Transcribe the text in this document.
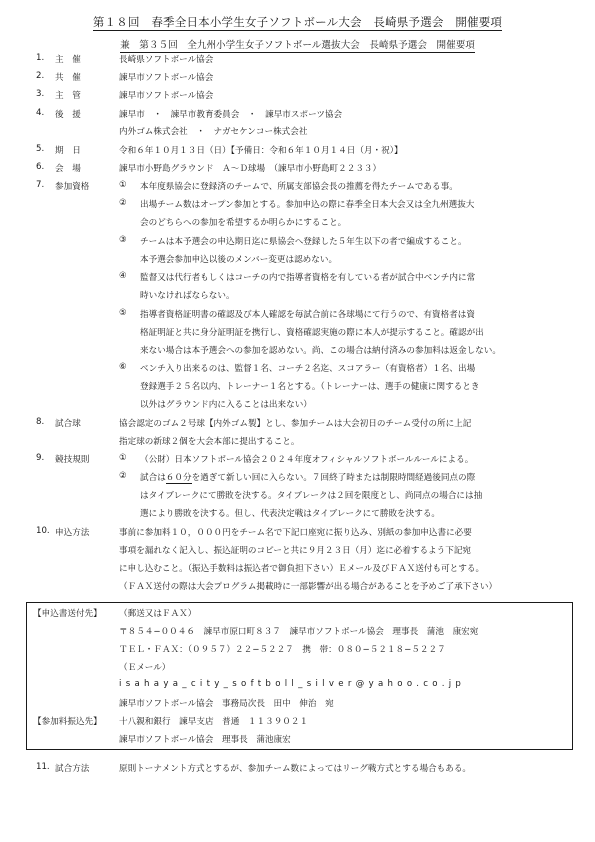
第１８回　春季全日本小学生女子ソフトボール大会　長崎県予選会　開催要項
兼　第３５回　全九州小学生女子ソフトボール選抜大会　長崎県予選会　開催要項
1. 主　催	長崎県ソフトボール協会
2. 共　催	諫早市ソフトボール協会
3. 主　管	諫早市ソフトボール協会
4. 後　援	諫早市　・　諫早市教育委員会　・　諫早市スポーツ協会
内外ゴム株式会社　・　ナガセケンコー株式会社
5. 期　日	令和６年１０月１３日（日）【予備日：令和６年１０月１４日（月・祝）】
6. 会　場	諫早市小野島グラウンド　Ａ～Ｄ球場　（諫早市小野島町２２３３）
7. 参加資格	① 本年度県協会に登録済のチームで、所属支部協会長の推薦を得たチームである事。
② 出場チーム数はオープン参加とする。参加申込の際に春季全日本大会又は全九州選抜大
会のどちらへの参加を希望するか明らかにすること。
③ チームは本予選会の申込期日迄に県協会へ登録した５年生以下の者で編成すること。
本予選会参加申込以後のメンバー変更は認めない。
④ 監督又は代行者もしくはコーチの内で指導者資格を有している者が試合中ベンチ内に常
時いなければならない。
⑤ 指導者資格証明書の確認及び本人確認を毎試合前に各球場にて行うので、有資格者は資
格証明証と共に身分証明証を携行し、資格確認実施の際に本人が提示すること。確認が出
来ない場合は本予選会への参加を認めない。尚、この場合は納付済みの参加料は返金しない。
⑥ ベンチ入り出来るのは、監督１名、コーチ２名迄、スコアラー（有資格者）１名、出場
登録選手２５名以内、トレーナー１名とする。（トレーナーは、選手の健康に関するとき
以外はグラウンド内に入ることは出来ない）
8. 試合球	協会認定のゴム２号球【内外ゴム製】とし、参加チームは大会初日のチーム受付の所に上記
指定球の新球２個を大会本部に提出すること。
9. 競技規則	① （公財）日本ソフトボール協会２０２４年度オフィシャルソフトボールルールによる。
② 試合は６０分を過ぎて新しい回に入らない。７回終了時または制限時間経過後同点の際
はタイブレークにて勝敗を決する。タイブレークは２回を限度とし、尚同点の場合には抽
選により勝敗を決する。但し、代表決定戦はタイブレークにて勝敗を決する。
10. 申込方法	事前に参加料１０，０００円をチーム名で下記口座宛に振り込み、別紙の参加申込書に必要
事項を漏れなく記入し、振込証明のコピーと共に９月２３日（月）迄に必着するよう下記宛
に申し込むこと。（振込手数料は振込者で御負担下さい）Ｅメール及びＦＡＸ送付も可とする。
（ＦＡＸ送付の際は大会プログラム掲載時に一部影響が出る場合があることを予めご了承下さい）
【申込書送付先】 （郵送又はＦＡＸ）
〒８５４−００４６　諫早市原口町８３７　諫早市ソフトボール協会　理事長　蒲池　康宏宛
ＴＥＬ・ＦＡＸ：（０９５７）２２−５２２７　携　帯：０８０−５２１８−５２２７
（Ｅメール）
isahaya_city_softboll_silver@yahoo.co.jp
諫早市ソフトボール協会　事務局次長　田中　伸治　宛
【参加料振込先】 十八親和銀行　諫早支店　普通　１１３９０２１
諫早市ソフトボール協会　理事長　蒲池康宏
11. 試合方法	原則トーナメント方式とするが、参加チーム数によってはリーグ戦方式とする場合もある。
